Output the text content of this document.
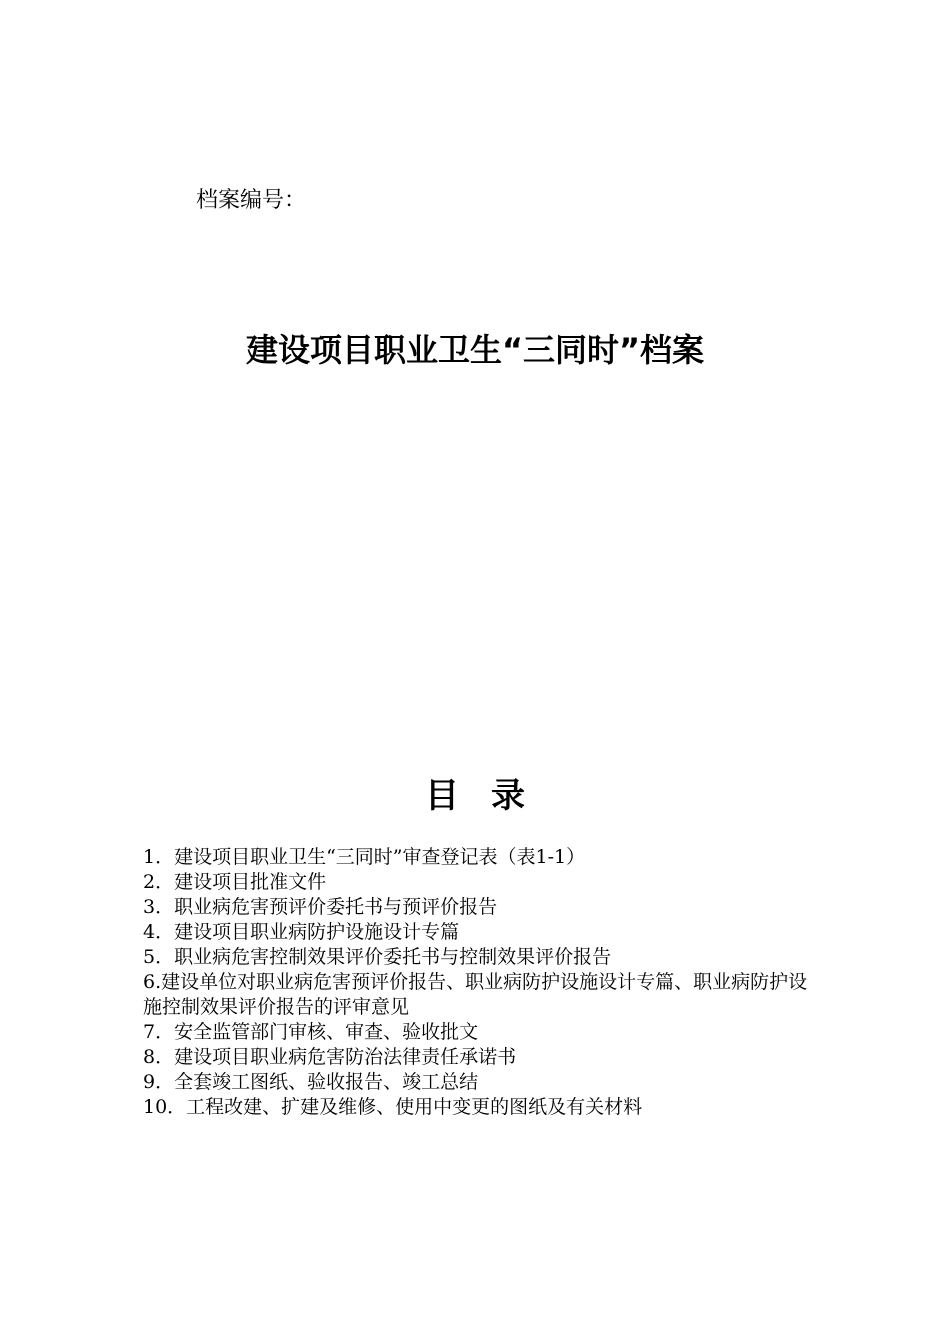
档案编号：
建设项目职业卫生“三同时”档案
目录
1．建设项目职业卫生“三同时”审查登记表（表1-1）
2．建设项目批准文件
3．职业病危害预评价委托书与预评价报告
4．建设项目职业病防护设施设计专篇
5．职业病危害控制效果评价委托书与控制效果评价报告
6.建设单位对职业病危害预评价报告、职业病防护设施设计专篇、职业病防护设施控制效果评价报告的评审意见
7．安全监管部门审核、审查、验收批文
8．建设项目职业病危害防治法律责任承诺书
9．全套竣工图纸、验收报告、竣工总结
10．工程改建、扩建及维修、使用中变更的图纸及有关材料
